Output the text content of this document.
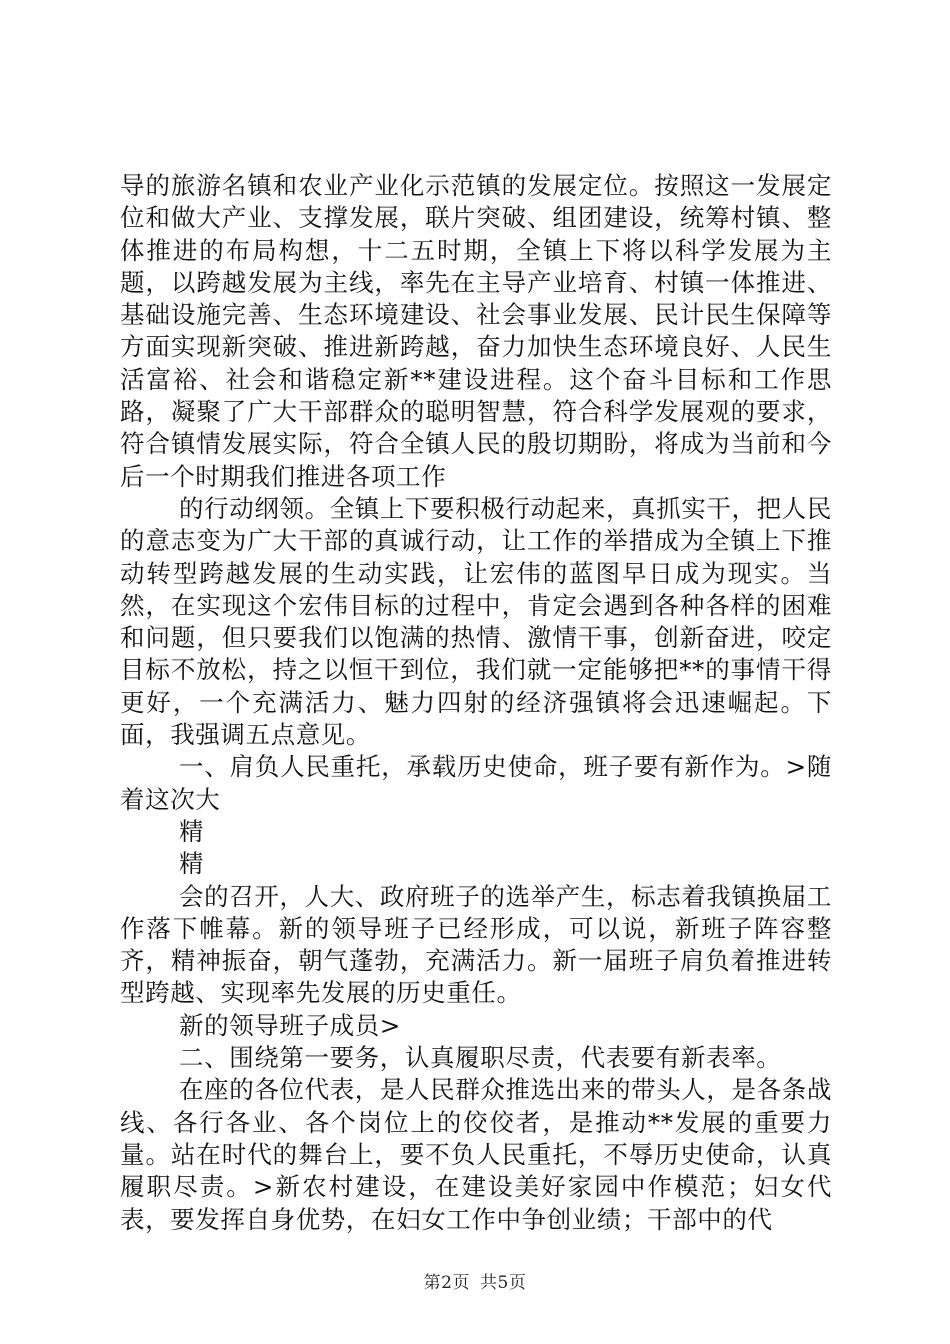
导的旅游名镇和农业产业化示范镇的发展定位。按照这一发展定位和做大产业、支撑发展，联片突破、组团建设，统筹村镇、整体推进的布局构想，十二五时期，全镇上下将以科学发展为主题，以跨越发展为主线，率先在主导产业培育、村镇一体推进、基础设施完善、生态环境建设、社会事业发展、民计民生保障等方面实现新突破、推进新跨越，奋力加快生态环境良好、人民生活富裕、社会和谐稳定新**建设进程。这个奋斗目标和工作思路，凝聚了广大干部群众的聪明智慧，符合科学发展观的要求，符合镇情发展实际，符合全镇人民的殷切期盼，将成为当前和今后一个时期我们推进各项工作

的行动纲领。全镇上下要积极行动起来，真抓实干，把人民的意志变为广大干部的真诚行动，让工作的举措成为全镇上下推动转型跨越发展的生动实践，让宏伟的蓝图早日成为现实。当然，在实现这个宏伟目标的过程中，肯定会遇到各种各样的困难和问题，但只要我们以饱满的热情、激情干事，创新奋进，咬定目标不放松，持之以恒干到位，我们就一定能够把**的事情干得更好，一个充满活力、魅力四射的经济强镇将会迅速崛起。下面，我强调五点意见。

一、肩负人民重托，承载历史使命，班子要有新作为。>随着这次大

精

精

会的召开，人大、政府班子的选举产生，标志着我镇换届工作落下帷幕。新的领导班子已经形成，可以说，新班子阵容整齐，精神振奋，朝气蓬勃，充满活力。新一届班子肩负着推进转型跨越、实现率先发展的历史重任。

新的领导班子成员>

二、围绕第一要务，认真履职尽责，代表要有新表率。

在座的各位代表，是人民群众推选出来的带头人，是各条战线、各行各业、各个岗位上的佼佼者，是推动**发展的重要力量。站在时代的舞台上，要不负人民重托，不辱历史使命，认真履职尽责。>新农村建设，在建设美好家园中作模范；妇女代表，要发挥自身优势，在妇女工作中争创业绩；干部中的代

第2页 共5页
